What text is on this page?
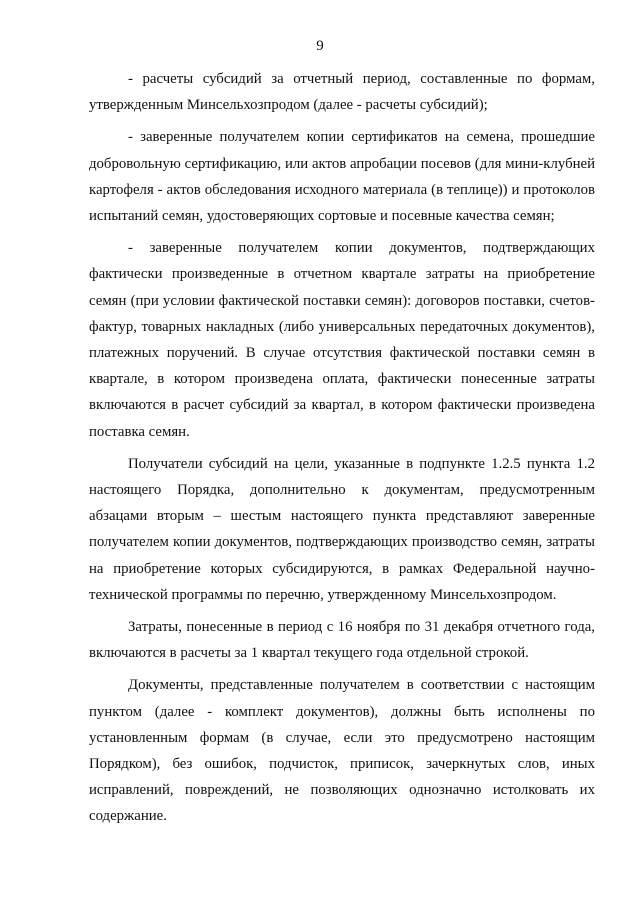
9

- расчеты субсидий за отчетный период, составленные по формам, утвержденным Минсельхозпродом (далее - расчеты субсидий);

- заверенные получателем копии сертификатов на семена, прошедшие добровольную сертификацию, или актов апробации посевов (для мини-клубней картофеля - актов обследования исходного материала (в теплице)) и протоколов испытаний семян, удостоверяющих сортовые и посевные качества семян;

- заверенные получателем копии документов, подтверждающих фактически произведенные в отчетном квартале затраты на приобретение семян (при условии фактической поставки семян): договоров поставки, счетов-фактур, товарных накладных (либо универсальных передаточных документов), платежных поручений. В случае отсутствия фактической поставки семян в квартале, в котором произведена оплата, фактически понесенные затраты включаются в расчет субсидий за квартал, в котором фактически произведена поставка семян.

Получатели субсидий на цели, указанные в подпункте 1.2.5 пункта 1.2 настоящего Порядка, дополнительно к документам, предусмотренным абзацами вторым – шестым настоящего пункта представляют заверенные получателем копии документов, подтверждающих производство семян, затраты на приобретение которых субсидируются, в рамках Федеральной научно-технической программы по перечню, утвержденному Минсельхозпродом.

Затраты, понесенные в период с 16 ноября по 31 декабря отчетного года, включаются в расчеты за 1 квартал текущего года отдельной строкой.

Документы, представленные получателем в соответствии с настоящим пунктом (далее - комплект документов), должны быть исполнены по установленным формам (в случае, если это предусмотрено настоящим Порядком), без ошибок, подчисток, приписок, зачеркнутых слов, иных исправлений, повреждений, не позволяющих однозначно истолковать их содержание.
